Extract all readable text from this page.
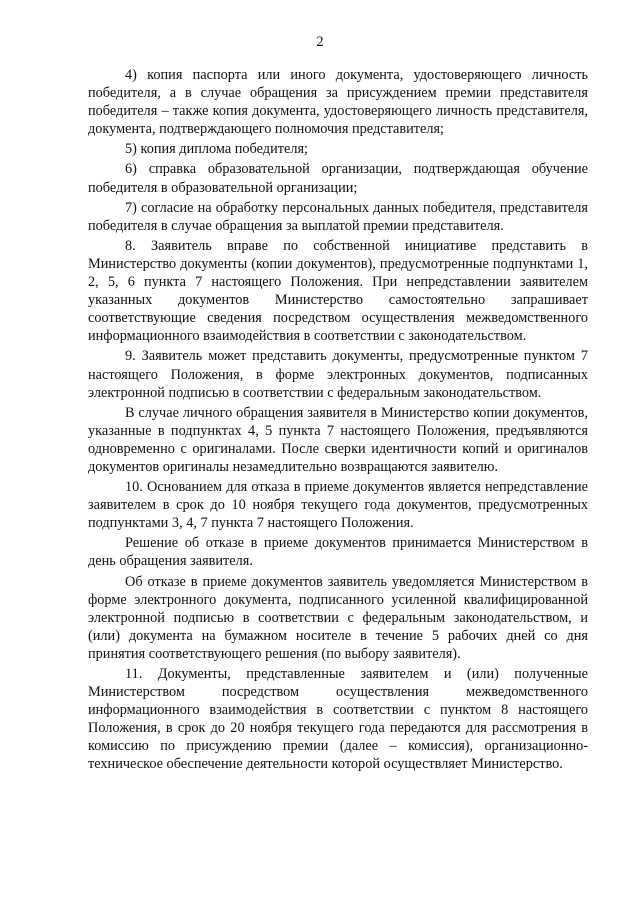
2

4) копия паспорта или иного документа, удостоверяющего личность победителя, а в случае обращения за присуждением премии представителя победителя – также копия документа, удостоверяющего личность представителя, документа, подтверждающего полномочия представителя;

5) копия диплома победителя;

6) справка образовательной организации, подтверждающая обучение победителя в образовательной организации;

7) согласие на обработку персональных данных победителя, представителя победителя в случае обращения за выплатой премии представителя.

8. Заявитель вправе по собственной инициативе представить в Министерство документы (копии документов), предусмотренные подпунктами 1, 2, 5, 6 пункта 7 настоящего Положения. При непредставлении заявителем указанных документов Министерство самостоятельно запрашивает соответствующие сведения посредством осуществления межведомственного информационного взаимодействия в соответствии с законодательством.

9. Заявитель может представить документы, предусмотренные пунктом 7 настоящего Положения, в форме электронных документов, подписанных электронной подписью в соответствии с федеральным законодательством.

В случае личного обращения заявителя в Министерство копии документов, указанные в подпунктах 4, 5 пункта 7 настоящего Положения, предъявляются одновременно с оригиналами. После сверки идентичности копий и оригиналов документов оригиналы незамедлительно возвращаются заявителю.

10. Основанием для отказа в приеме документов является непредставление заявителем в срок до 10 ноября текущего года документов, предусмотренных подпунктами 3, 4, 7 пункта 7 настоящего Положения.

Решение об отказе в приеме документов принимается Министерством в день обращения заявителя.

Об отказе в приеме документов заявитель уведомляется Министерством в форме электронного документа, подписанного усиленной квалифицированной электронной подписью в соответствии с федеральным законодательством, и (или) документа на бумажном носителе в течение 5 рабочих дней со дня принятия соответствующего решения (по выбору заявителя).

11. Документы, представленные заявителем и (или) полученные Министерством посредством осуществления межведомственного информационного взаимодействия в соответствии с пунктом 8 настоящего Положения, в срок до 20 ноября текущего года передаются для рассмотрения в комиссию по присуждению премии (далее – комиссия), организационно-техническое обеспечение деятельности которой осуществляет Министерство.
